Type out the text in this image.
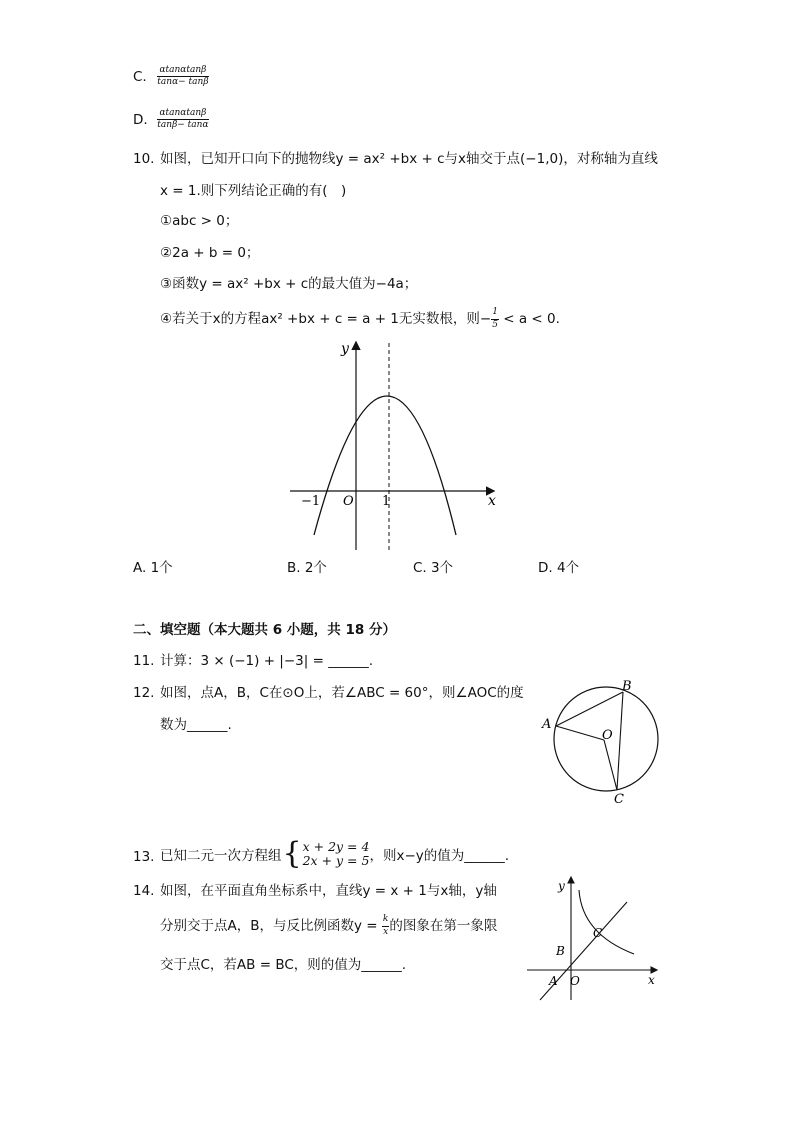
C. $\frac{\alpha\tan\alpha\tan\beta}{\tan\alpha- \tan\beta}$
D. $\frac{\alpha\tan\alpha\tan\beta}{\tan\beta- \tan\alpha}$
10. 如图，已知开口向下的抛物线y = ax² +bx + c与x轴交于点(−1,0)，对称轴为直线
x = 1.则下列结论正确的有(　)
①abc > 0；
②2a + b = 0；
③函数y = ax² +bx + c的最大值为−4a；
④若关于x的方程ax² +bx + c = a + 1无实数根，则− $\frac{1}{5} < a < 0$.
y
x
O
−1	1
A. 1个	B. 2个	C. 3个	D. 4个
二、填空题（本大题共 6 小题，共 18 分）
11. 计算：3 × (−1) + |−3| = ______.
12. 如图，点A，B，C在⊙O上，若∠ABC = 60°，则∠AOC的度
数为______.	A
B
C
O
13. 已知二元一次方程组 { x + 2y = 4
2x + y = 5 ，则x−y的值为______.
14. 如图，在平面直角坐标系中，直线y = x + 1与x轴，y轴
分别交于点A，B，与反比例函数$y = \frac{k}{x}$ 的图象在第一象限
交于点C，若AB = BC，则的值为______.
y
x
O
A
B
C
